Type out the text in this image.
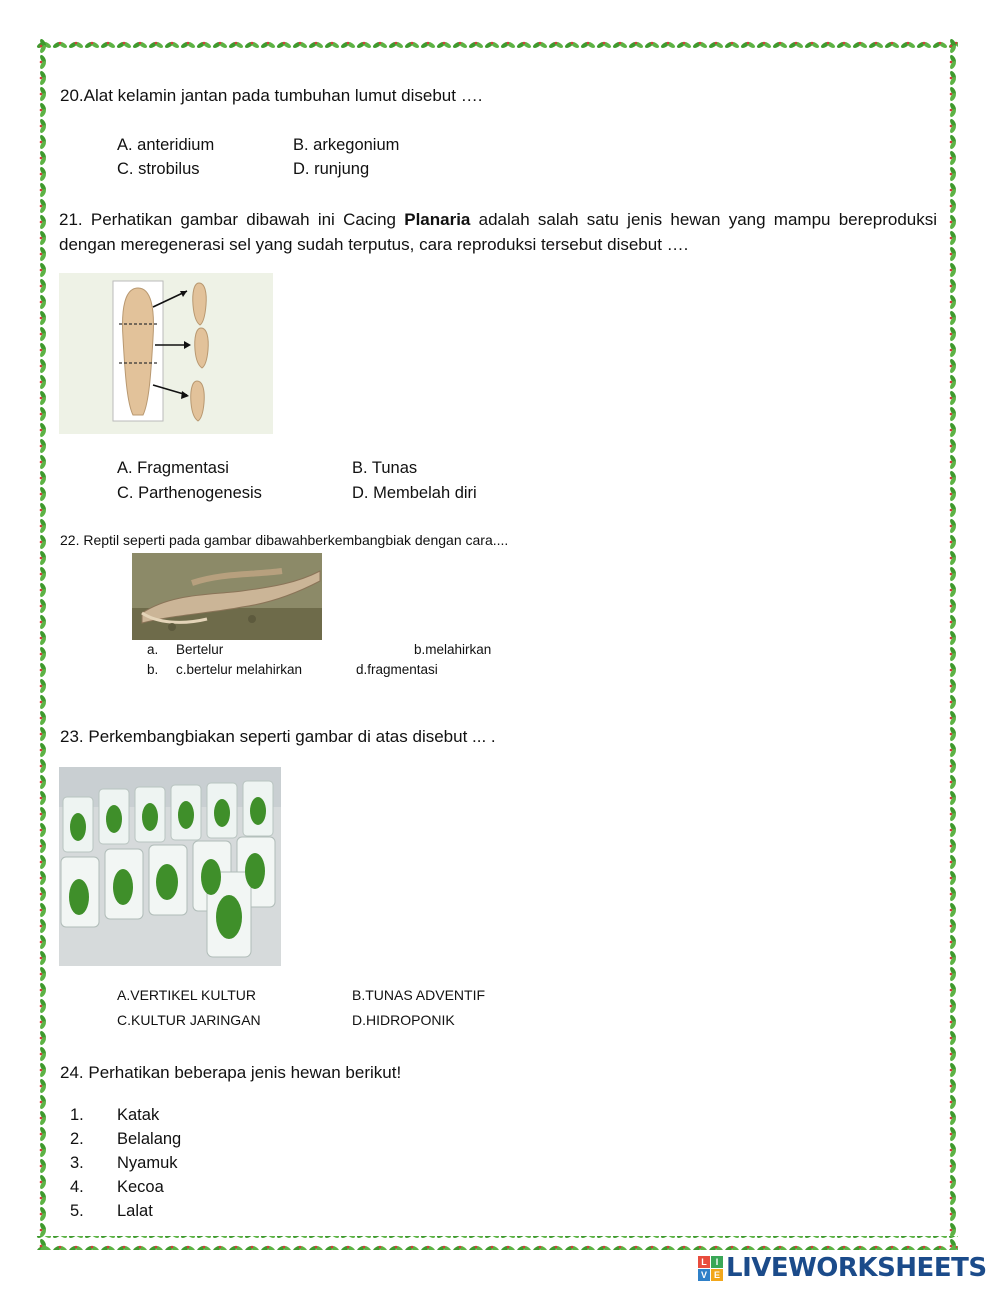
20.Alat kelamin jantan pada tumbuhan lumut disebut ….
A. anteridium	B. arkegonium
C. strobilus	D. runjung
21. Perhatikan gambar dibawah ini Cacing Planaria adalah salah satu jenis hewan yang mampu bereproduksi dengan meregenerasi sel yang sudah terputus, cara reproduksi tersebut disebut ….
A. Fragmentasi	B. Tunas
C. Parthenogenesis	D. Membelah diri
22. Reptil seperti pada gambar dibawahberkembangbiak dengan cara....
a. Bertelur	b.melahirkan
b. c.bertelur melahirkan	d.fragmentasi
23. Perkembangbiakan seperti gambar di atas disebut ... .
A.VERTIKEL KULTUR	B.TUNAS ADVENTIF
C.KULTUR JARINGAN	D.HIDROPONIK
24. Perhatikan beberapa jenis hewan berikut!
1. Katak
2. Belalang
3. Nyamuk
4. Kecoa
5. Lalat
L I
V E LIVEWORKSHEETS
